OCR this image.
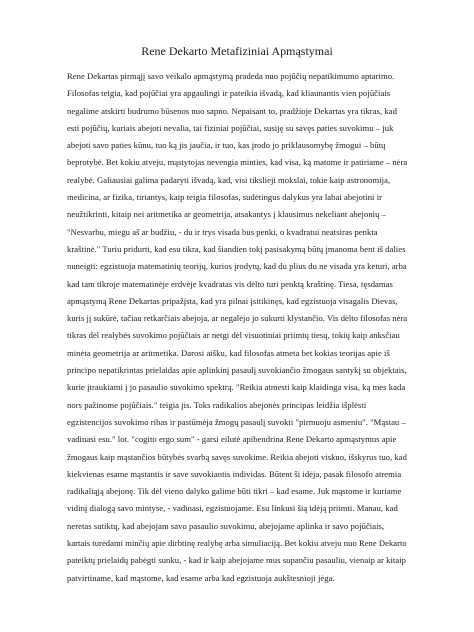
Rene Dekarto Metafiziniai Apmąstymai
Rene Dekartas pirmąjį savo veikalo apmąstymą pradeda nuo pojūčių nepatikimumo aptarimo.
Filosofas teigia, kad pojūčiai yra apgaulingi ir pateikia išvadą, kad kliaunantis vien pojūčiais
negalime atskirti budrumo būsenos nuo sapno. Nepaisant to, pradžioje Dekartas yra tikras, kad
esti pojūčių, kuriais abejoti nevalia, tai fiziniai pojūčiai, susiję su savęs paties suvokimu – juk
abejoti savo paties kūnu, tuo ką jis jaučia, ir tuo, kas įrodo jo priklausomybę žmogui – būtų
beprotybė. Bet kokiu atveju, mąstytojas nevengia minties, kad visa, ką matome ir patiriame – nėra
realybė. Galiausiai galima padaryti išvadą, kad, visi tiksliejі mokslai, tokie kaip astronomija,
medicina, ar fizika, tiriantys, kaip teigia filosofas, sudėtingus dalykus yra labai abejotini ir
neužtikrinti, kitaip nei aritmetika ar geometrija, atsakantys į klausimus nekeliant abejonių –
"Nesvarbu, miegu aš ar budžiu, - du ir trys visada bus penki, o kvadratui neatsiras penkta
kraštinė." Turiu pridurti, kad esu tikra, kad šiandien tokį pasisakymą būtų įmanoma bent iš dalies
nuneigti: egzistuoja matematinių teorijų, kurios įrodytų, kad du plius du ne visada yra keturi, arba
kad tam tikroje matematinėje erdvėje kvadratas vis dėlto turi penktą kraštinę. Tiesa, tęsdamas
apmąstymą Rene Dekartas pripažįsta, kad yra pilnai įsitikinęs, kad egzistuoja visagalis Dievas,
kuris jį sukūrė, tačiau retkarčiais abejoja, ar negalėjo jo sukurti klystančio. Vis dėlto filosofas nėra
tikras dėl realybės suvokimo pojūčiais ar netgi dėl visuotiniai priimtų tiesų, tokių kaip anksčiau
minėta geometrija ar aritmetika. Darosi aišku, kad filosofas atmeta bet kokias teorijas apie iš
principo nepatikrintas prielaidas apie aplinkinį pasaulį suvokiančio žmogaus santykį su objektais,
kurie įtraukiami į jo pasaulio suvokimo spektrą. "Reikia atmesti kaip klaidinga visa, ką mes kada
nors pažinome pojūčiais." teigia jis. Toks radikalios abejonės principas leidžia išplėsti
egzistencijos suvokimo ribas ir pastūmėja žmogų pasaulį suvokti "pirmuoju asmeniu". "Mąstau –
vadinasi esu." lot. "cogito ergo sum" - garsi eilutė apibendrina Rene Dekarto apmąstymus apie
žmogaus kaip mąstančios būtybės svarbą savęs suvokime. Reikia abejoti viskuo, išskyrus tuo, kad
kiekvienas esame mąstantis ir save suvokiantis individas. Būtent ši idėja, pasak filosofo atremia
radikaliąją abejonę. Tik dėl vieno dalyko galime būti tikri – kad esame. Juk mąstome ir kuriame
vidinį dialogą savo mintyse, - vadinasi, egzistuojame. Esu linkusi šią idėją priimti. Manau, kad
neretas sutiktų, kad abejojam savo pasaulio suvokimu, abejojame aplinka ir savo pojūčiais,
kartais turėdami minčių apie dirbtinę realybę arba simuliaciją. Bet kokiu atveju nuo Rene Dekarto
pateiktų prielaidų pabėgti sunku, - kad ir kaip abejojame mus supančiu pasauliu, vienaip ar kitaip
patvirtiname, kad mąstome, kad esame arba kad egzistuoja aukštesnioji jėga.
